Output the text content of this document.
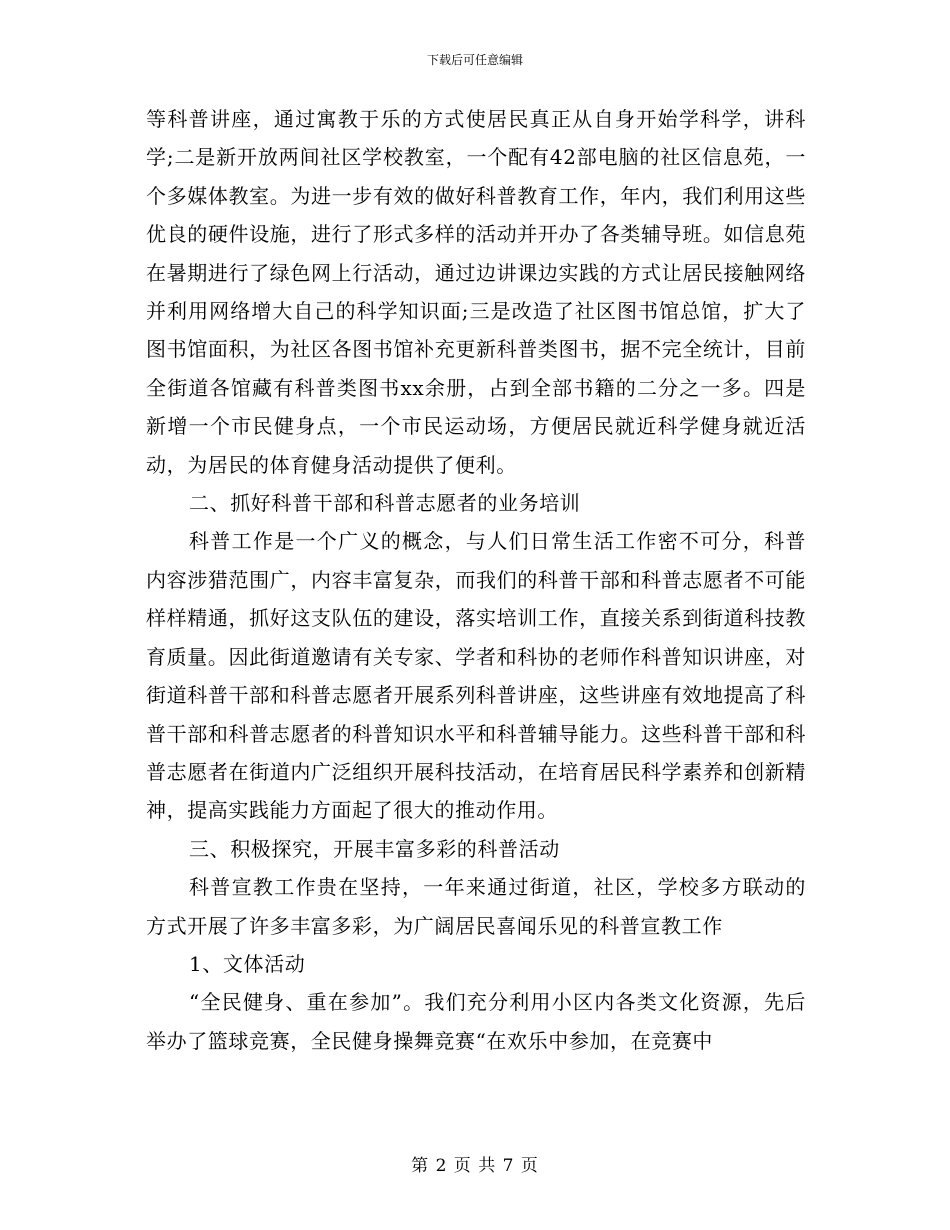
下载后可任意编辑

等科普讲座，通过寓教于乐的方式使居民真正从自身开始学科学，讲科学;二是新开放两间社区学校教室，一个配有42部电脑的社区信息苑，一个多媒体教室。为进一步有效的做好科普教育工作，年内，我们利用这些优良的硬件设施，进行了形式多样的活动并开办了各类辅导班。如信息苑在暑期进行了绿色网上行活动，通过边讲课边实践的方式让居民接触网络并利用网络增大自己的科学知识面;三是改造了社区图书馆总馆，扩大了图书馆面积，为社区各图书馆补充更新科普类图书，据不完全统计，目前全街道各馆藏有科普类图书xx余册，占到全部书籍的二分之一多。四是新增一个市民健身点，一个市民运动场，方便居民就近科学健身就近活动，为居民的体育健身活动提供了便利。

二、抓好科普干部和科普志愿者的业务培训

科普工作是一个广义的概念，与人们日常生活工作密不可分，科普内容涉猎范围广，内容丰富复杂，而我们的科普干部和科普志愿者不可能样样精通，抓好这支队伍的建设，落实培训工作，直接关系到街道科技教育质量。因此街道邀请有关专家、学者和科协的老师作科普知识讲座，对街道科普干部和科普志愿者开展系列科普讲座，这些讲座有效地提高了科普干部和科普志愿者的科普知识水平和科普辅导能力。这些科普干部和科普志愿者在街道内广泛组织开展科技活动，在培育居民科学素养和创新精神，提高实践能力方面起了很大的推动作用。

三、积极探究，开展丰富多彩的科普活动

科普宣教工作贵在坚持，一年来通过街道，社区，学校多方联动的方式开展了许多丰富多彩，为广阔居民喜闻乐见的科普宣教工作

1、文体活动

“全民健身、重在参加”。我们充分利用小区内各类文化资源，先后举办了篮球竞赛，全民健身操舞竞赛“在欢乐中参加，在竞赛中

第 2 页 共 7 页
